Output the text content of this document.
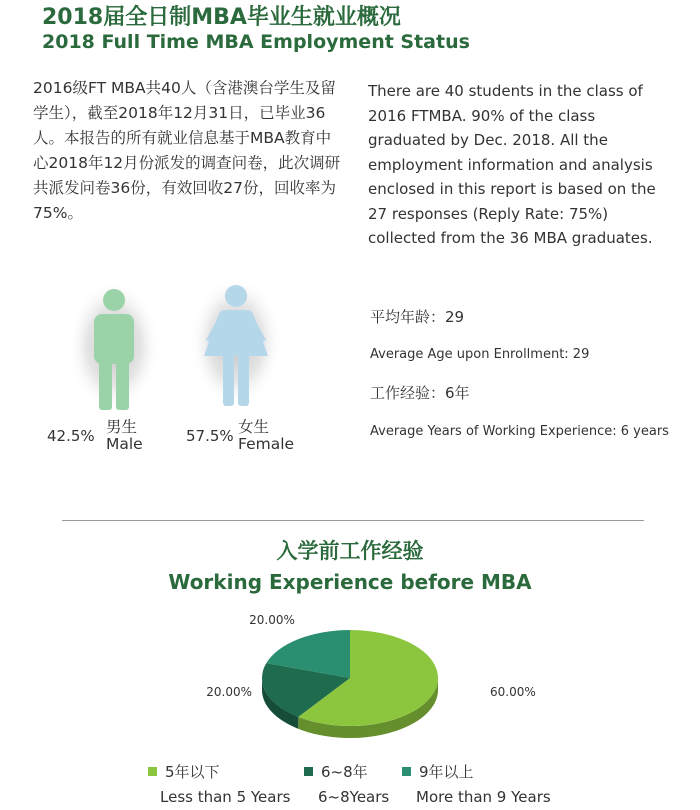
2018届全日制MBA毕业生就业概况
2018 Full Time MBA Employment Status
2016级FT MBA共40人（含港澳台学生及留学生），截至2018年12月31日，已毕业36人。本报告的所有就业信息基于MBA教育中心2018年12月份派发的调查问卷，此次调研共派发问卷36份，有效回收27份，回收率为75%。
There are 40 students in the class of
2016 FTMBA. 90% of the class
graduated by Dec. 2018. All the
employment information and analysis
enclosed in this report is based on the
27 responses (Reply Rate: 75%)
collected from the 36 MBA graduates.
42.5% 男生
Male	57.5% 女生
Female
平均年龄：29
Average Age upon Enrollment: 29
工作经验：6年
Average Years of Working Experience: 6 years
入学前工作经验
Working Experience before MBA
60.00%
20.00%
20.00%
5年以下
Less than 5 Years
6~8年
6~8Years
9年以上
More than 9 Years
